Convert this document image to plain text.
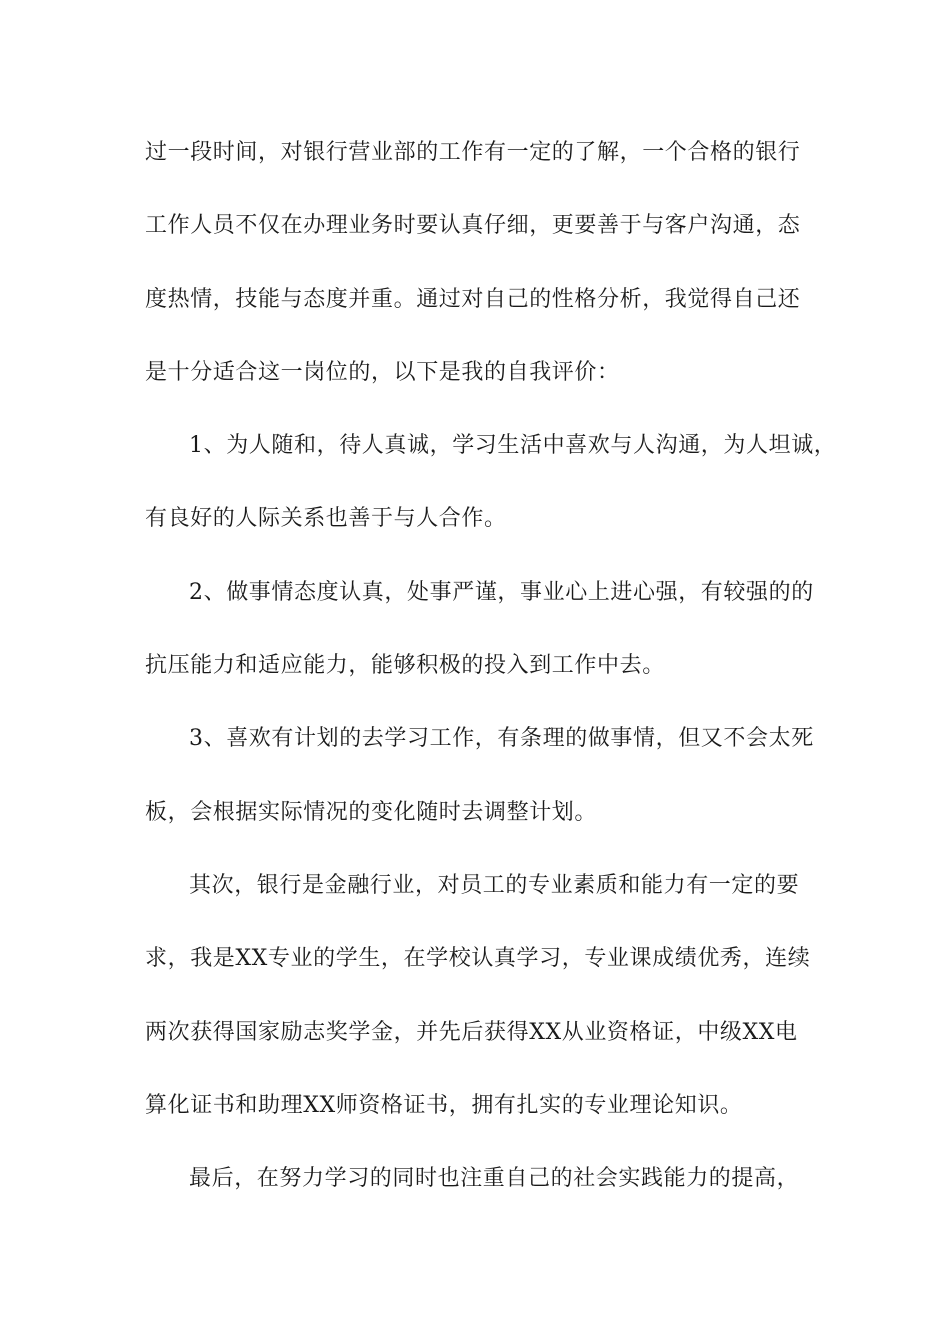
过一段时间，对银行营业部的工作有一定的了解，一个合格的银行
工作人员不仅在办理业务时要认真仔细，更要善于与客户沟通，态
度热情，技能与态度并重。通过对自己的性格分析，我觉得自己还
是十分适合这一岗位的，以下是我的自我评价：
1、为人随和，待人真诚，学习生活中喜欢与人沟通，为人坦诚，
有良好的人际关系也善于与人合作。
2、做事情态度认真，处事严谨，事业心上进心强，有较强的的
抗压能力和适应能力，能够积极的投入到工作中去。
3、喜欢有计划的去学习工作，有条理的做事情，但又不会太死
板，会根据实际情况的变化随时去调整计划。
其次，银行是金融行业，对员工的专业素质和能力有一定的要
求，我是XX专业的学生，在学校认真学习，专业课成绩优秀，连续
两次获得国家励志奖学金，并先后获得XX从业资格证，中级XX电
算化证书和助理XX师资格证书，拥有扎实的专业理论知识。
最后，在努力学习的同时也注重自己的社会实践能力的提高，
